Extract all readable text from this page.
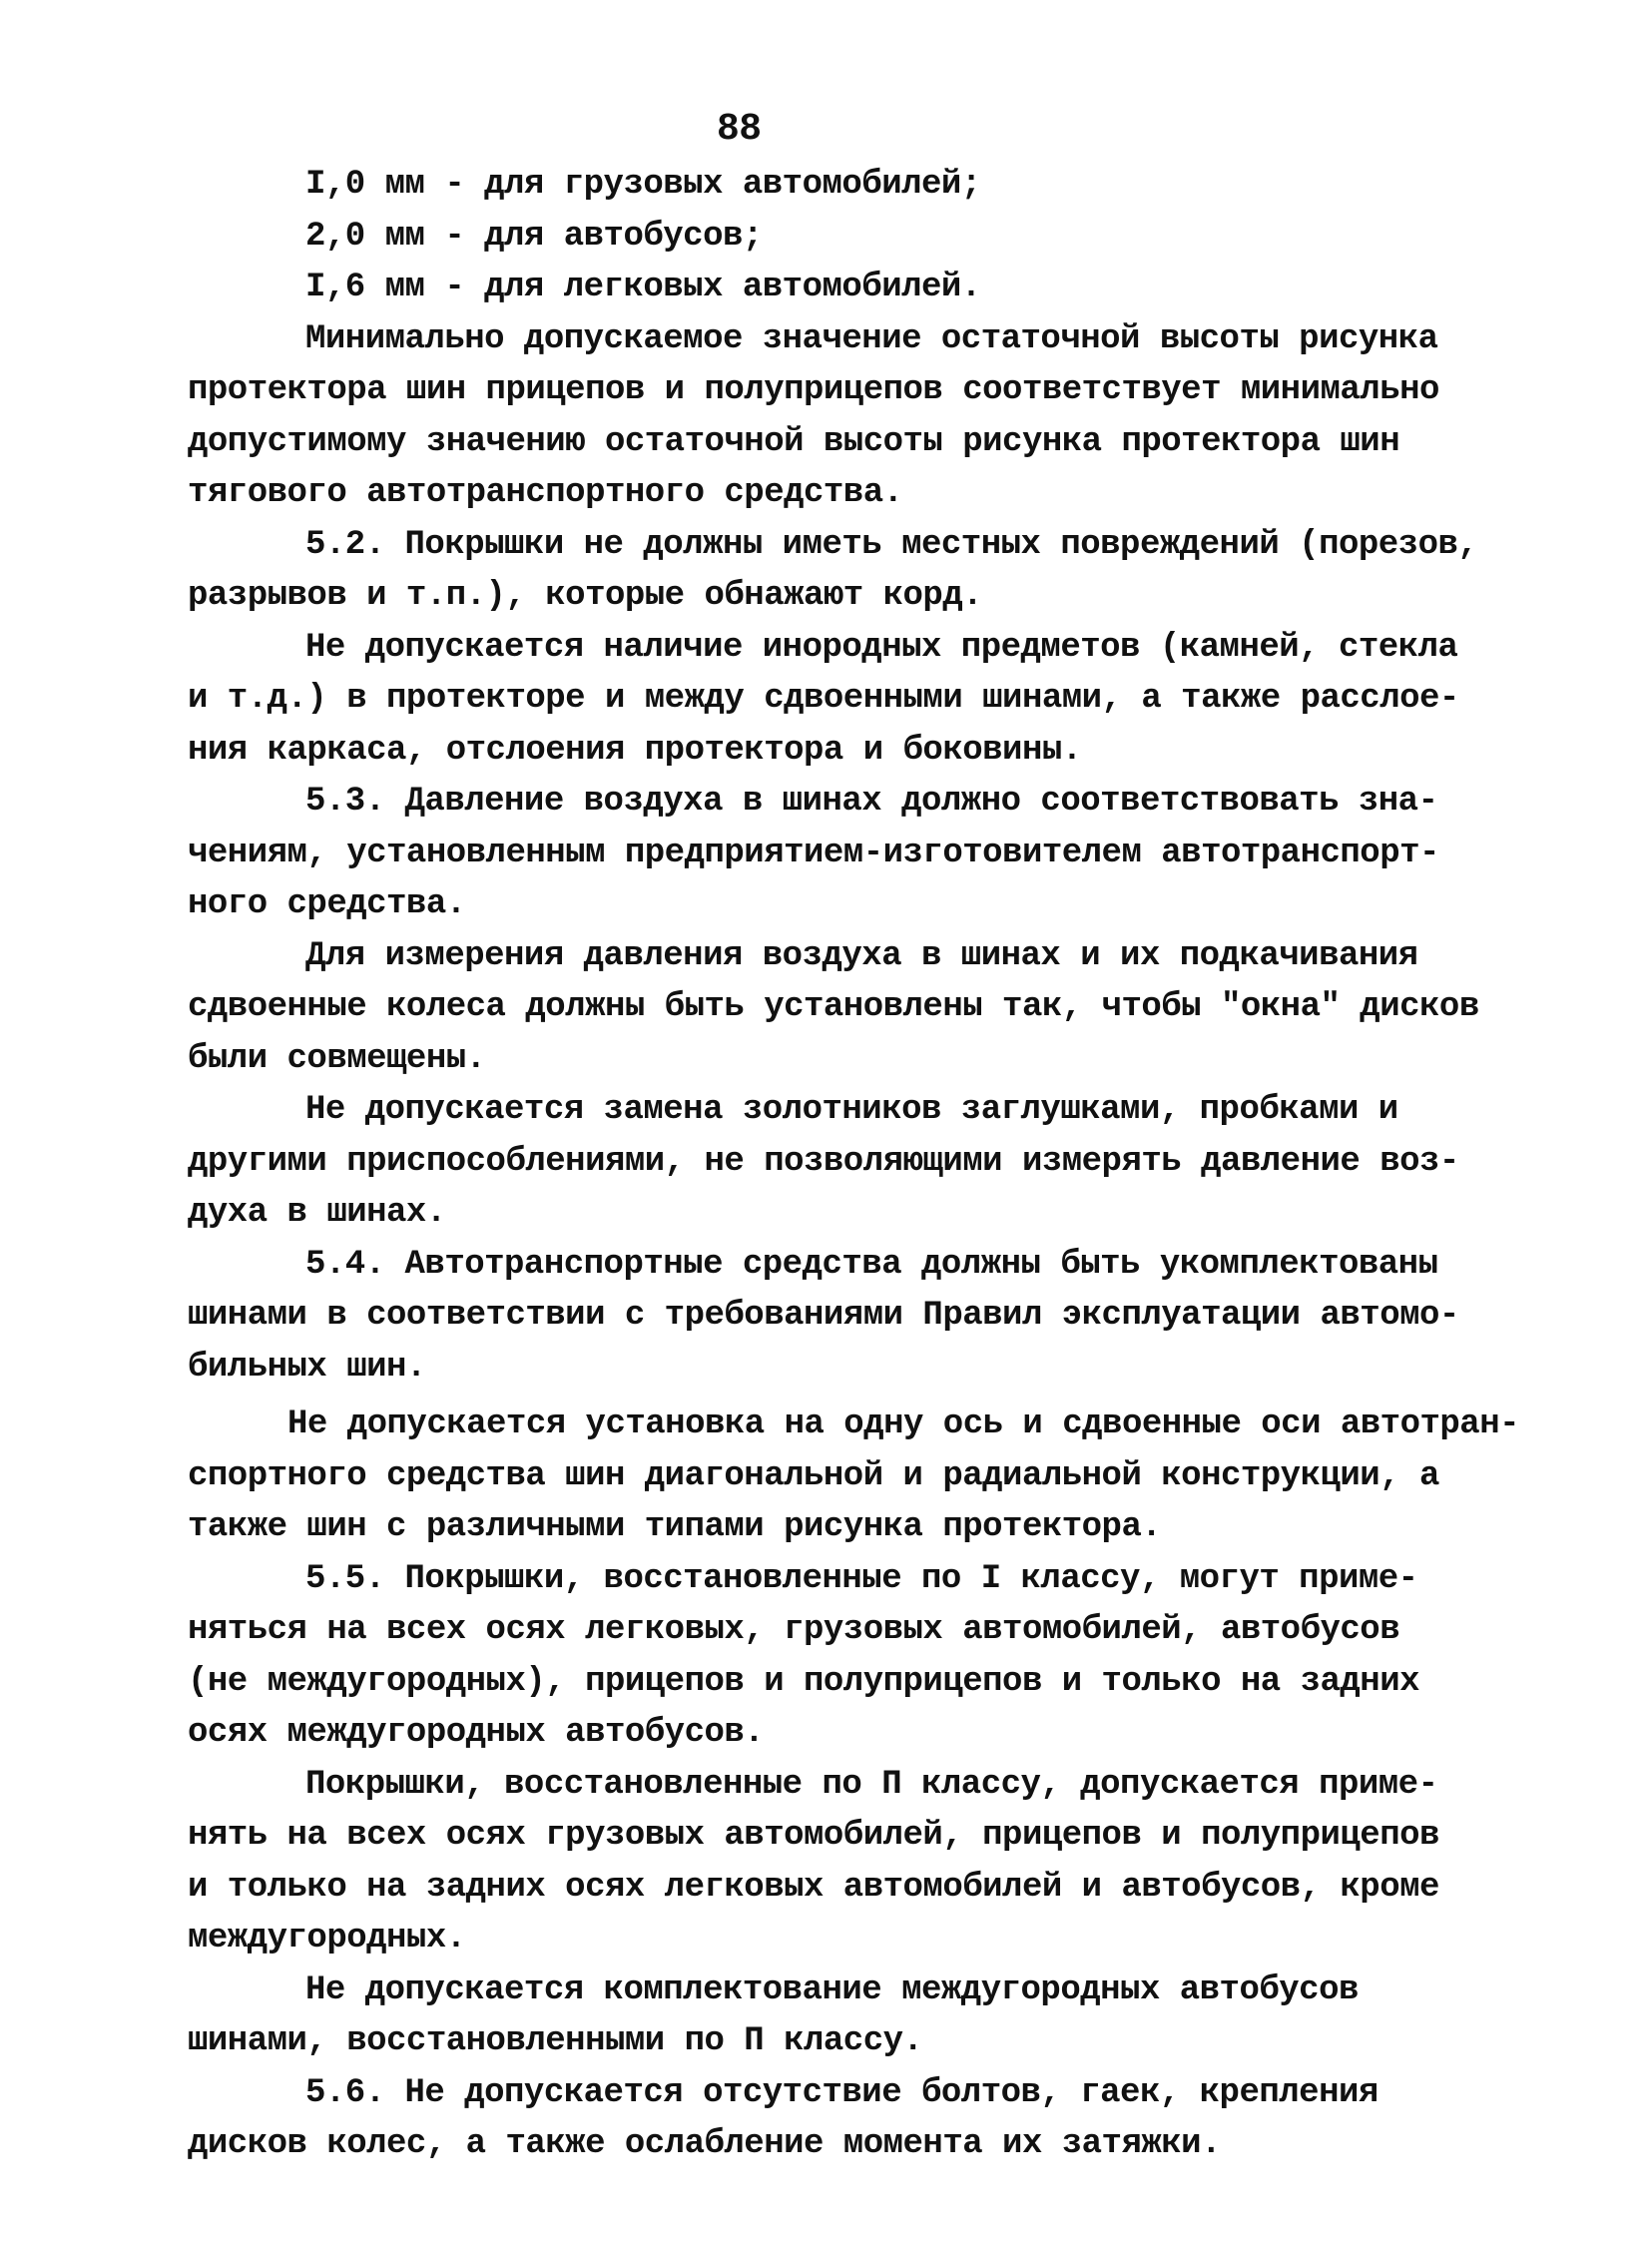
88
I,0 мм - для грузовых автомобилей;
2,0 мм - для автобусов;
I,6 мм - для легковых автомобилей.
Минимально допускаемое значение остаточной высоты рисунка
протектора шин прицепов и полуприцепов соответствует минимально
допустимому значению остаточной высоты рисунка протектора шин
тягового автотранспортного средства.
5.2. Покрышки не должны иметь местных повреждений (порезов,
разрывов и т.п.), которые обнажают корд.
Не допускается наличие инородных предметов (камней, стекла
и т.д.) в протекторе и между сдвоенными шинами, а также расслое-
ния каркаса, отслоения протектора и боковины.
5.3. Давление воздуха в шинах должно соответствовать зна-
чениям, установленным предприятием-изготовителем автотранспорт-
ного средства.
Для измерения давления воздуха в шинах и их подкачивания
сдвоенные колеса должны быть установлены так, чтобы "окна" дисков
были совмещены.
Не допускается замена золотников заглушками, пробками и
другими приспособлениями, не позволяющими измерять давление воз-
духа в шинах.
5.4. Автотранспортные средства должны быть укомплектованы
шинами в соответствии с требованиями Правил эксплуатации автомо-
бильных шин.
Не допускается установка на одну ось и сдвоенные оси автотран-
спортного средства шин диагональной и радиальной конструкции, а
также шин с различными типами рисунка протектора.
5.5. Покрышки, восстановленные по I классу, могут приме-
няться на всех осях легковых, грузовых автомобилей, автобусов
(не междугородных), прицепов и полуприцепов и только на задних
осях междугородных автобусов.
Покрышки, восстановленные по П классу, допускается приме-
нять на всех осях грузовых автомобилей, прицепов и полуприцепов
и только на задних осях легковых автомобилей и автобусов, кроме
междугородных.
Не допускается комплектование междугородных автобусов
шинами, восстановленными по П классу.
5.6. Не допускается отсутствие болтов, гаек, крепления
дисков колес, а также ослабление момента их затяжки.
